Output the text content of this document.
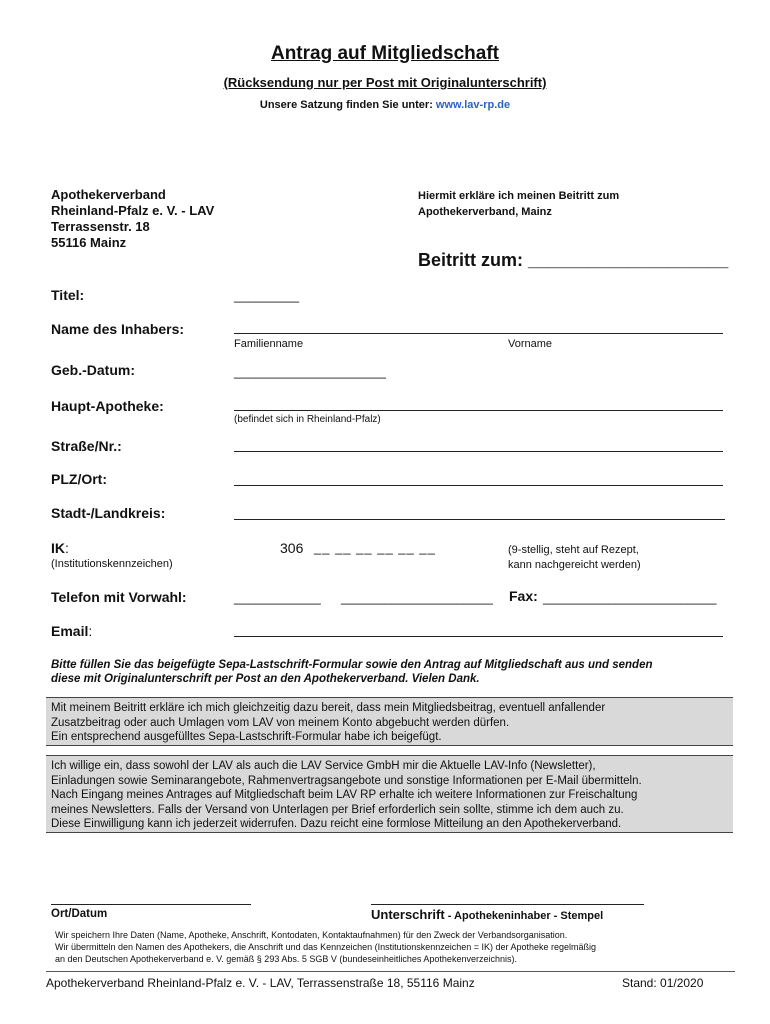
Antrag auf Mitgliedschaft
(Rücksendung nur per Post mit Originalunterschrift)
Unsere Satzung finden Sie unter: www.lav-rp.de
Apothekerverband
Rheinland-Pfalz e. V. - LAV
Terrassenstr. 18
55116 Mainz
Hiermit erkläre ich meinen Beitritt zum
Apothekerverband, Mainz
Beitritt zum: ____________________
Titel:	_________
Name des Inhabers:
Familienname	Vorname
Geb.-Datum:	_____________________
Haupt-Apotheke:
(befindet sich in Rheinland-Pfalz)
Straße/Nr.:
PLZ/Ort:
Stadt-/Landkreis:
IK:
(Institutionskennzeichen)
306 __ __ __ __ __ __	(9-stellig, steht auf Rezept,
kann nachgereicht werden)
Telefon mit Vorwahl:	____________ _____________________ Fax: ________________________
Email:
Bitte füllen Sie das beigefügte Sepa-Lastschrift-Formular sowie den Antrag auf Mitgliedschaft aus und senden
diese mit Originalunterschrift per Post an den Apothekerverband. Vielen Dank.
Mit meinem Beitritt erkläre ich mich gleichzeitig dazu bereit, dass mein Mitgliedsbeitrag, eventuell anfallender
Zusatzbeitrag oder auch Umlagen vom LAV von meinem Konto abgebucht werden dürfen.
Ein entsprechend ausgefülltes Sepa-Lastschrift-Formular habe ich beigefügt.
Ich willige ein, dass sowohl der LAV als auch die LAV Service GmbH mir die Aktuelle LAV-Info (Newsletter),
Einladungen sowie Seminarangebote, Rahmenvertragsangebote und sonstige Informationen per E-Mail übermitteln.
Nach Eingang meines Antrages auf Mitgliedschaft beim LAV RP erhalte ich weitere Informationen zur Freischaltung
meines Newsletters. Falls der Versand von Unterlagen per Brief erforderlich sein sollte, stimme ich dem auch zu.
Diese Einwilligung kann ich jederzeit widerrufen. Dazu reicht eine formlose Mitteilung an den Apothekerverband.
Ort/Datum	Unterschrift - Apothekeninhaber - Stempel
Wir speichern Ihre Daten (Name, Apotheke, Anschrift, Kontodaten, Kontaktaufnahmen) für den Zweck der Verbandsorganisation.
Wir übermitteln den Namen des Apothekers, die Anschrift und das Kennzeichen (Institutionskennzeichen = IK) der Apotheke regelmäßig
an den Deutschen Apothekerverband e. V. gemäß § 293 Abs. 5 SGB V (bundeseinheitliches Apothekenverzeichnis).
Apothekerverband Rheinland-Pfalz e. V. - LAV, Terrassenstraße 18, 55116 Mainz	Stand: 01/2020
